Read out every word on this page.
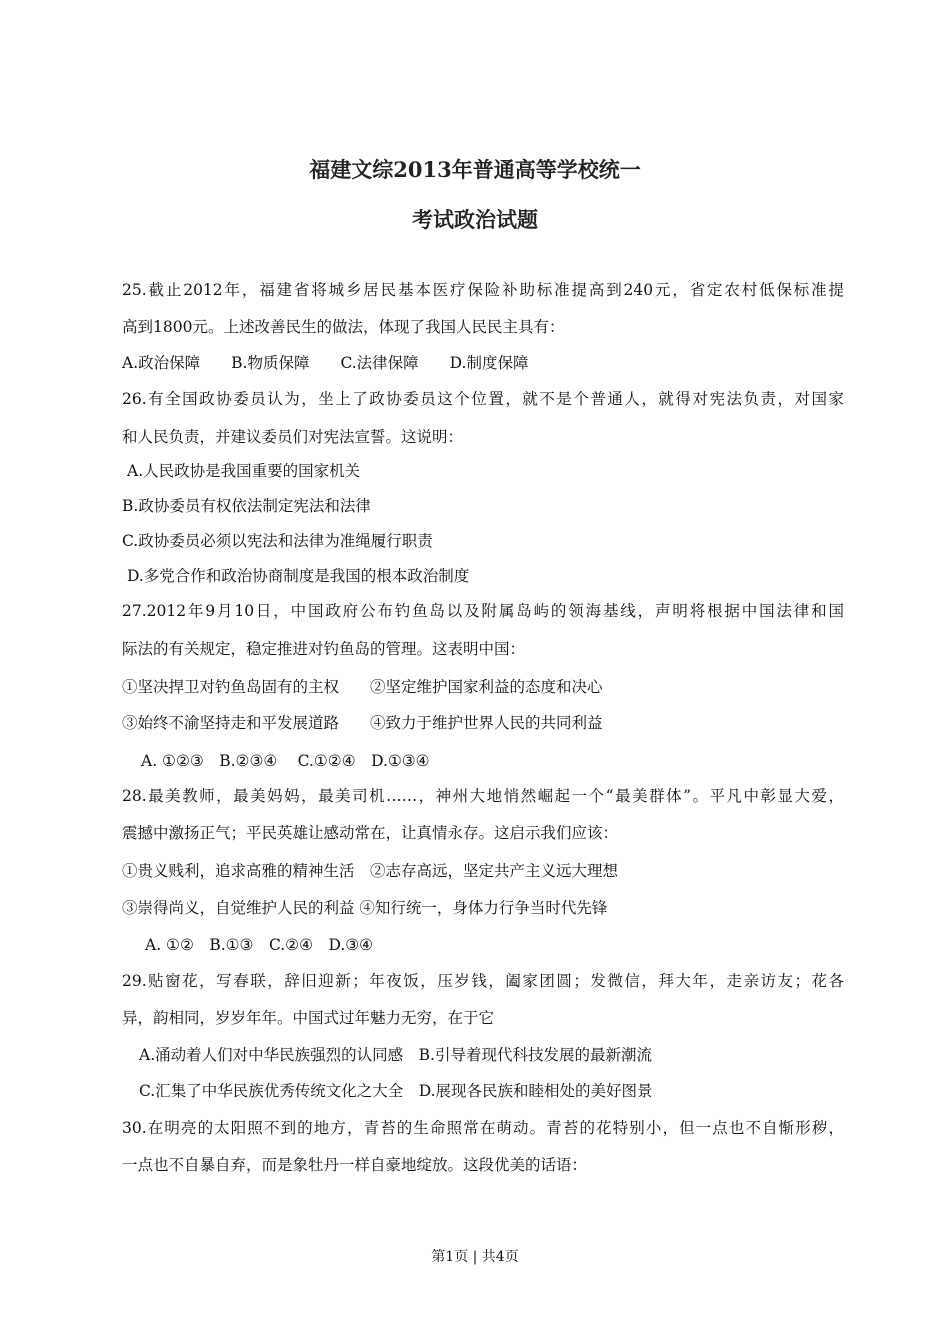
福建文综2013年普通高等学校统一
考试政治试题
25.截止2012年，福建省将城乡居民基本医疗保险补助标准提高到240元，省定农村低保标准提
高到1800元。上述改善民生的做法，体现了我国人民民主具有：
A.政治保障　　B.物质保障　　C.法律保障　　D.制度保障
26.有全国政协委员认为，坐上了政协委员这个位置，就不是个普通人，就得对宪法负责，对国家
和人民负责，并建议委员们对宪法宣誓。这说明：
A.人民政协是我国重要的国家机关
B.政协委员有权依法制定宪法和法律
C.政协委员必须以宪法和法律为准绳履行职责
D.多党合作和政治协商制度是我国的根本政治制度
27.2012年9月10日，中国政府公布钓鱼岛以及附属岛屿的领海基线，声明将根据中国法律和国
际法的有关规定，稳定推进对钓鱼岛的管理。这表明中国：
①坚决捍卫对钓鱼岛固有的主权　　②坚定维护国家利益的态度和决心
③始终不渝坚持走和平发展道路　　④致力于维护世界人民的共同利益
A. ①②③　B.②③④　 C.①②④　D.①③④
28.最美教师，最美妈妈，最美司机……，神州大地悄然崛起一个“最美群体”。平凡中彰显大爱，
震撼中激扬正气；平民英雄让感动常在，让真情永存。这启示我们应该：
①贵义贱利，追求高雅的精神生活　②志存高远，坚定共产主义远大理想
③崇得尚义，自觉维护人民的利益 ④知行统一，身体力行争当时代先锋
A. ①②　B.①③　C.②④　D.③④
29.贴窗花，写春联，辞旧迎新；年夜饭，压岁钱，阖家团圆；发微信，拜大年，走亲访友；花各
异，韵相同，岁岁年年。中国式过年魅力无穷，在于它
A.涌动着人们对中华民族强烈的认同感　B.引导着现代科技发展的最新潮流
C.汇集了中华民族优秀传统文化之大全　D.展现各民族和睦相处的美好图景
30.在明亮的太阳照不到的地方，青苔的生命照常在萌动。青苔的花特别小，但一点也不自惭形秽，
一点也不自暴自弃，而是象牡丹一样自豪地绽放。这段优美的话语：
第1页 | 共4页
